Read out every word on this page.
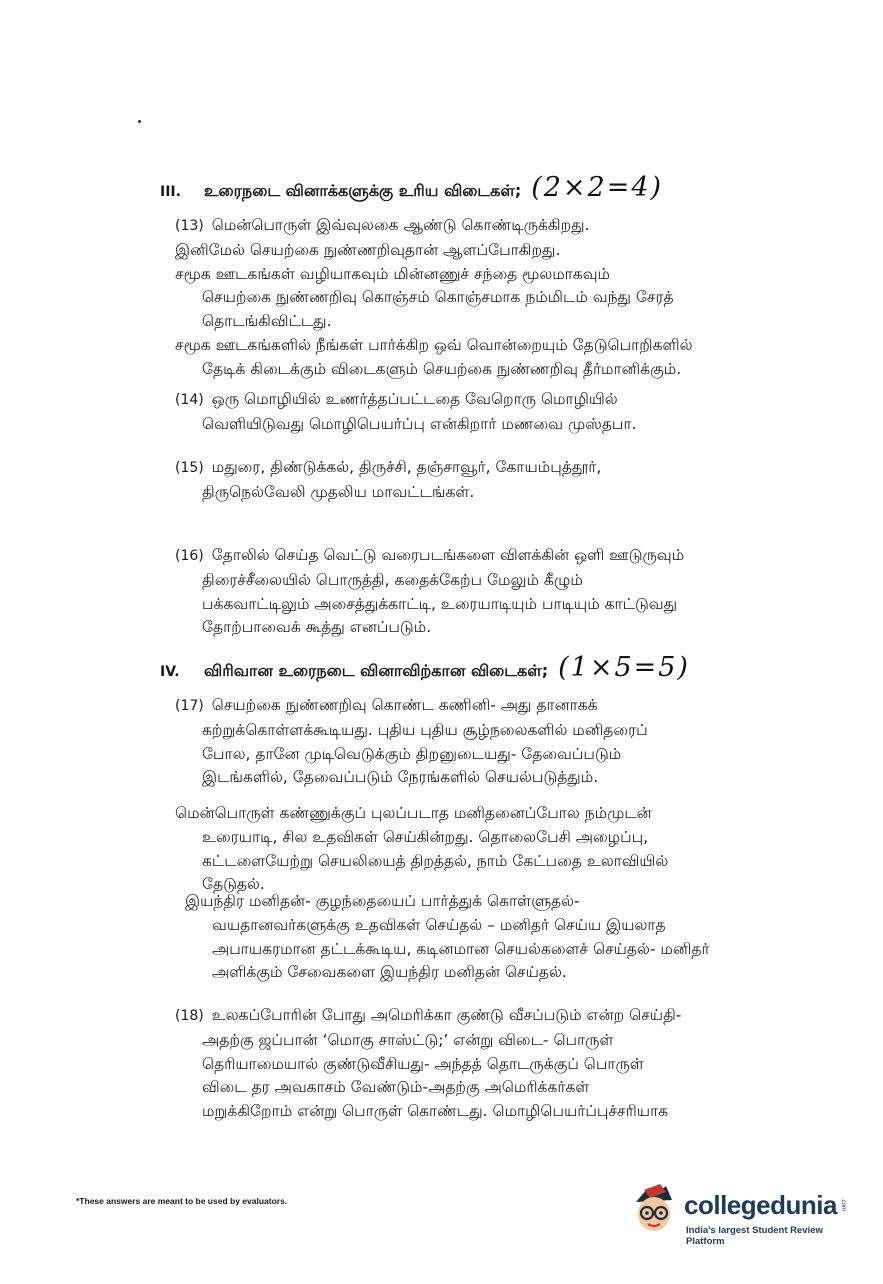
III.	உரைநடை வினாக்களுக்கு உரிய விடைகள்; (2×2=4)

(13) மென்பொருள் இவ்வுலகை ஆண்டு கொண்டிருக்கிறது.

இனிமேல் செயற்கை நுண்ணறிவுதான் ஆளப்போகிறது.

சமூக ஊடகங்கள் வழியாகவும் மின்னணுச் சந்தை மூலமாகவும்

செயற்கை நுண்ணறிவு கொஞ்சம் கொஞ்சமாக நம்மிடம் வந்து சேரத்

தொடங்கிவிட்டது.

சமூக ஊடகங்களில் நீங்கள் பார்க்கிற ஒவ் வொன்றையும் தேடுபொறிகளில்

தேடிக் கிடைக்கும் விடைகளும் செயற்கை நுண்ணறிவு தீர்மானிக்கும்.

(14) ஒரு மொழியில் உணர்த்தப்பட்டதை வேறொரு மொழியில்

வெளியிடுவது மொழிபெயர்ப்பு என்கிறார் மணவை முஸ்தபா.

(15) மதுரை, திண்டுக்கல், திருச்சி, தஞ்சாவூர், கோயம்புத்தூர்,

திருநெல்வேலி முதலிய மாவட்டங்கள்.

(16) தோலில் செய்த வெட்டு வரைபடங்களை விளக்கின் ஒளி ஊடுருவும்

திரைச்சீலையில் பொருத்தி, கதைக்கேற்ப மேலும் கீழும்

பக்கவாட்டிலும் அசைத்துக்காட்டி, உரையாடியும் பாடியும் காட்டுவது

தோற்பாவைக் கூத்து எனப்படும்.

IV.	விரிவான உரைநடை வினாவிற்கான விடைகள்; (1×5=5)

(17) செயற்கை நுண்ணறிவு கொண்ட கணினி- அது தானாகக்

கற்றுக்கொள்ளக்கூடியது. புதிய புதிய சூழ்நலைகளில் மனிதரைப்

போல, தானே முடிவெடுக்கும் திறனுடையது- தேவைப்படும்

இடங்களில், தேவைப்படும் நேரங்களில் செயல்படுத்தும்.

மென்பொருள் கண்ணுக்குப் புலப்படாத மனிதனைப்போல நம்முடன்

உரையாடி, சில உதவிகள் செய்கின்றது. தொலைபேசி அழைப்பு,

கட்டளையேற்று செயலியைத் திறத்தல், நாம் கேட்பதை உலாவியில்

தேடுதல்.

இயந்திர மனிதன்- குழந்தையைப் பார்த்துக் கொள்ளுதல்-

வயதானவர்களுக்கு உதவிகள் செய்தல் – மனிதர் செய்ய இயலாத

அபாயகரமான தட்டக்கூடிய, கடினமான செயல்களைச் செய்தல்- மனிதர்

அளிக்கும் சேவைகளை இயந்திர மனிதன் செய்தல்.

(18) உலகப்போரின் போது அமெரிக்கா குண்டு வீசப்படும் என்ற செய்தி-

அதற்கு ஜப்பான் ‘மொகு சாஸ்ட்டு;’ என்று விடை- பொருள்

தெரியாமையால் குண்டுவீசியது- அந்தத் தொடருக்குப் பொருள்

விடை தர அவகாசம் வேண்டும்-அதற்கு அமெரிக்கர்கள்

மறுக்கிறோம் என்று பொருள் கொண்டது. மொழிபெயர்ப்புச்சரியாக

*These answers are meant to be used by evaluators.	collegedunia .com
India's largest Student Review Platform
